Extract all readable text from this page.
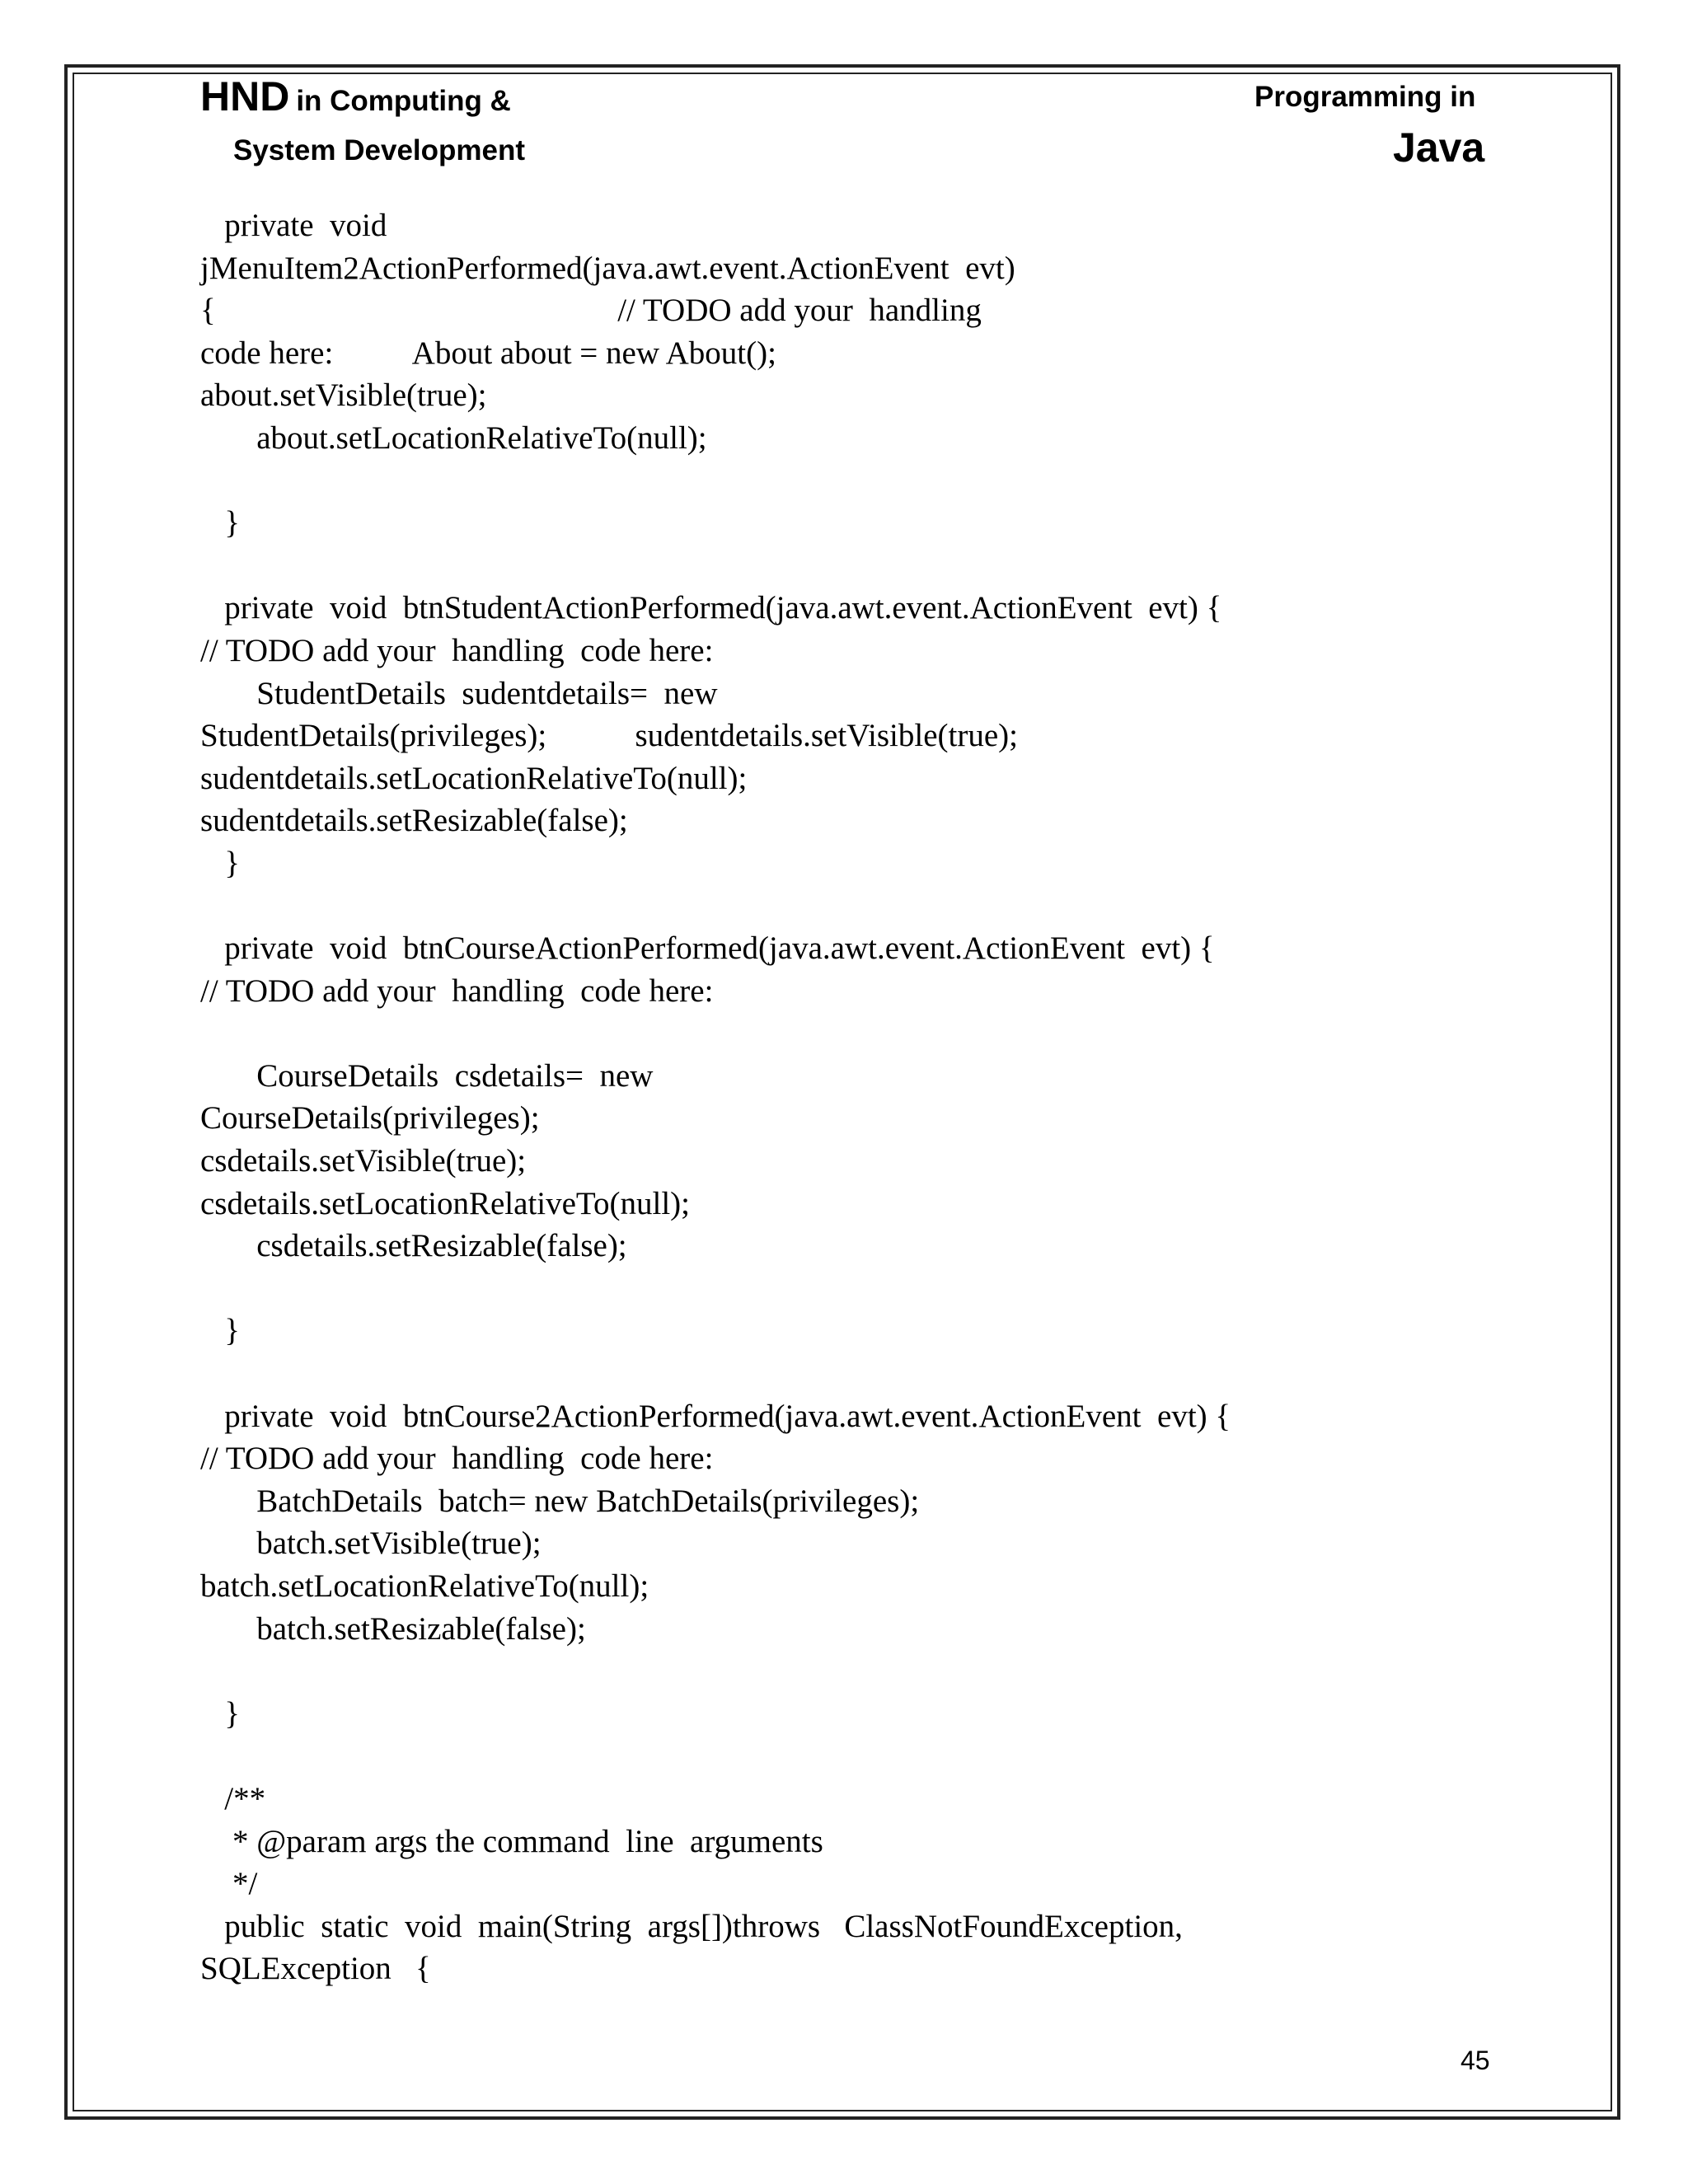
HND in Computing &
System Development
Programming in
Java
private  void
jMenuItem2ActionPerformed(java.awt.event.ActionEvent  evt)
{                                                  // TODO add your  handling
code here:          About about = new About();
about.setVisible(true);
about.setLocationRelativeTo(null);
}
private  void  btnStudentActionPerformed(java.awt.event.ActionEvent  evt) {
// TODO add your  handling  code here:
StudentDetails  sudentdetails=  new
StudentDetails(privileges);           sudentdetails.setVisible(true);
sudentdetails.setLocationRelativeTo(null);
sudentdetails.setResizable(false);
}
private  void  btnCourseActionPerformed(java.awt.event.ActionEvent  evt) {
// TODO add your  handling  code here:
CourseDetails  csdetails=  new
CourseDetails(privileges);
csdetails.setVisible(true);
csdetails.setLocationRelativeTo(null);
csdetails.setResizable(false);
}
private  void  btnCourse2ActionPerformed(java.awt.event.ActionEvent  evt) {
// TODO add your  handling  code here:
BatchDetails  batch= new BatchDetails(privileges);
batch.setVisible(true);
batch.setLocationRelativeTo(null);
batch.setResizable(false);
}
/**
* @param args the command  line  arguments
*/
public  static  void  main(String  args[])throws   ClassNotFoundException,
SQLException   {
45
